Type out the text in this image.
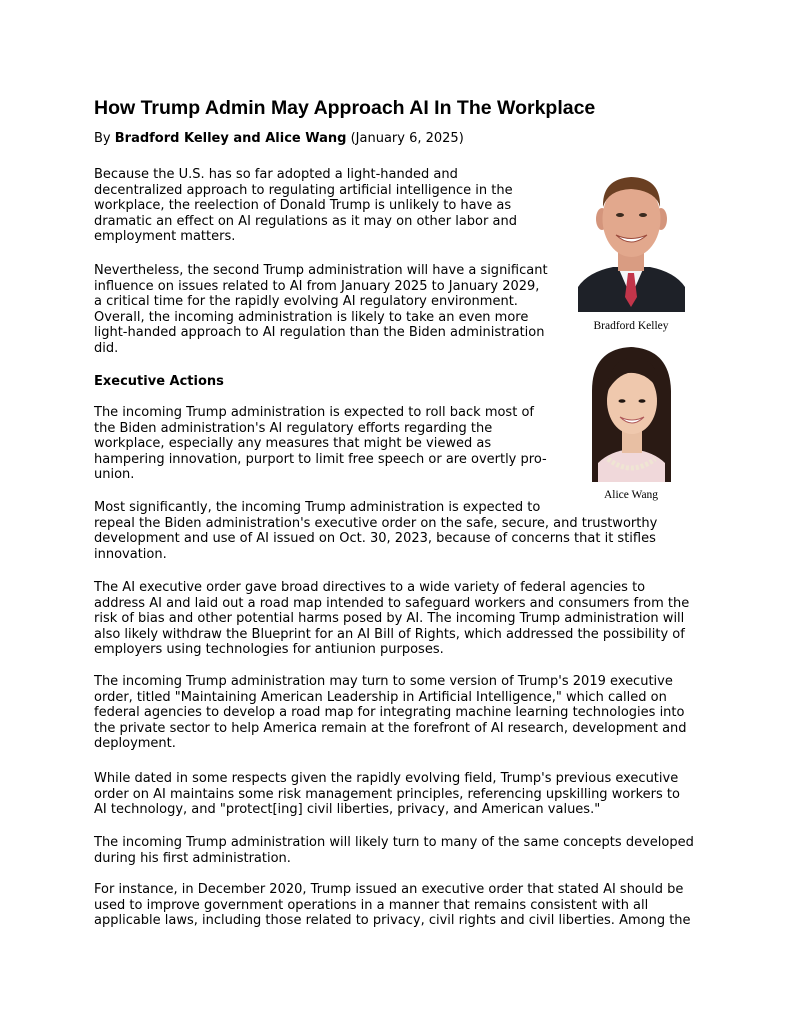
How Trump Admin May Approach AI In The Workplace
By Bradford Kelley and Alice Wang (January 6, 2025)
Because the U.S. has so far adopted a light-handed and
decentralized approach to regulating artificial intelligence in the
workplace, the reelection of Donald Trump is unlikely to have as
dramatic an effect on AI regulations as it may on other labor and
employment matters.
Nevertheless, the second Trump administration will have a significant
influence on issues related to AI from January 2025 to January 2029,
a critical time for the rapidly evolving AI regulatory environment.
Overall, the incoming administration is likely to take an even more
light-handed approach to AI regulation than the Biden administration
did.
Executive Actions
The incoming Trump administration is expected to roll back most of
the Biden administration's AI regulatory efforts regarding the
workplace, especially any measures that might be viewed as
hampering innovation, purport to limit free speech or are overtly pro-
union.
Most significantly, the incoming Trump administration is expected to
repeal the Biden administration's executive order on the safe, secure, and trustworthy
development and use of AI issued on Oct. 30, 2023, because of concerns that it stifles
innovation.
The AI executive order gave broad directives to a wide variety of federal agencies to
address AI and laid out a road map intended to safeguard workers and consumers from the
risk of bias and other potential harms posed by AI. The incoming Trump administration will
also likely withdraw the Blueprint for an AI Bill of Rights, which addressed the possibility of
employers using technologies for antiunion purposes.
The incoming Trump administration may turn to some version of Trump's 2019 executive
order, titled "Maintaining American Leadership in Artificial Intelligence," which called on
federal agencies to develop a road map for integrating machine learning technologies into
the private sector to help America remain at the forefront of AI research, development and
deployment.
While dated in some respects given the rapidly evolving field, Trump's previous executive
order on AI maintains some risk management principles, referencing upskilling workers to
AI technology, and "protect[ing] civil liberties, privacy, and American values."
The incoming Trump administration will likely turn to many of the same concepts developed
during his first administration.
For instance, in December 2020, Trump issued an executive order that stated AI should be
used to improve government operations in a manner that remains consistent with all
applicable laws, including those related to privacy, civil rights and civil liberties. Among the
Bradford Kelley
Alice Wang
